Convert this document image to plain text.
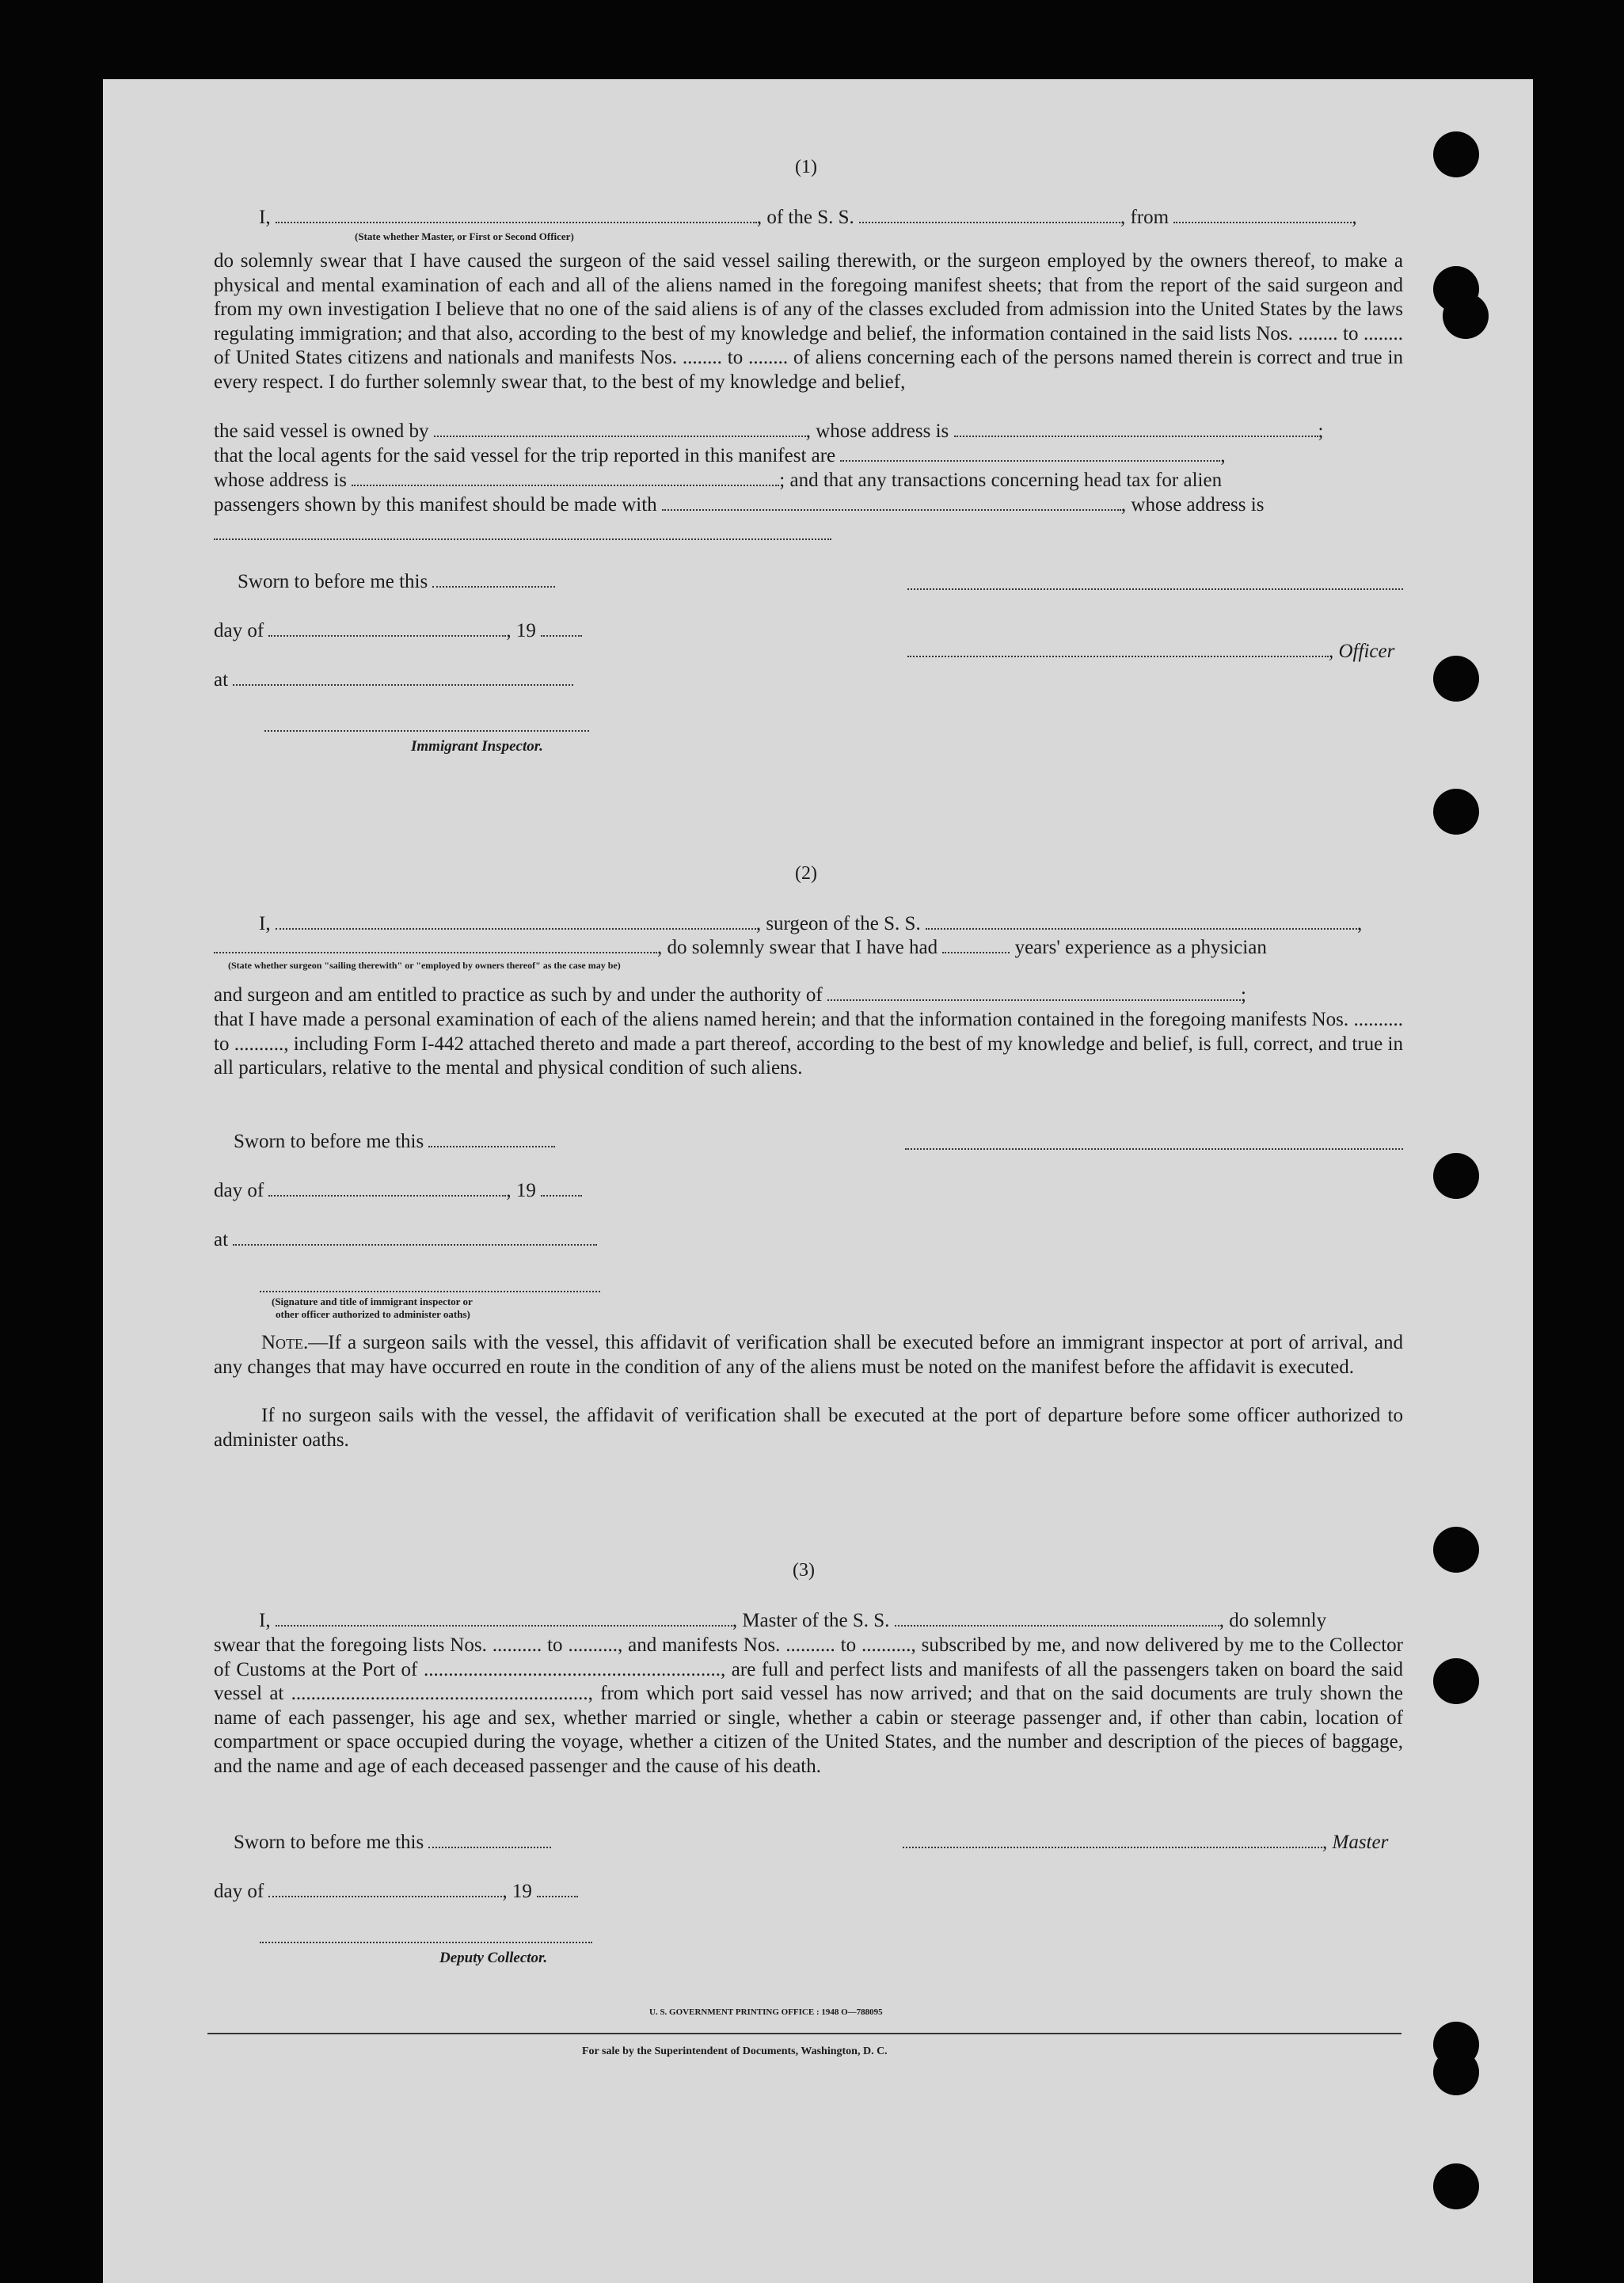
(1)
I,	, of the S. S.	, from	,
(State whether Master, or First or Second Officer)
do solemnly swear that I have caused the surgeon of the said vessel sailing therewith, or the surgeon employed by the owners thereof, to make a physical and mental examination of each and all of the aliens named in the foregoing manifest sheets; that from the report of the said surgeon and from my own investigation I believe that no one of the said aliens is of any of the classes excluded from admission into the United States by the laws regulating immigration; and that also, according to the best of my knowledge and belief, the information contained in the said lists Nos. ........ to ........ of United States citizens and nationals and manifests Nos. ........ to ........ of aliens concerning each of the persons named therein is correct and true in every respect. I do further solemnly swear that, to the best of my knowledge and belief,
the said vessel is owned by	, whose address is	;
that the local agents for the said vessel for the trip reported in this manifest are	,
whose address is	; and that any transactions concerning head tax for alien
passengers shown by this manifest should be made with	, whose address is
Sworn to before me this
day of	, 19
, Officer
at
Immigrant Inspector.
(2)
I,	, surgeon of the S. S.	,
, do solemnly swear that I have had	years' experience as a physician
(State whether surgeon "sailing therewith" or "employed by owners thereof" as the case may be)
and surgeon and am entitled to practice as such by and under the authority of	;
that I have made a personal examination of each of the aliens named herein; and that the information contained in the foregoing manifests Nos. .......... to .........., including Form I-442 attached thereto and made a part thereof, according to the best of my knowledge and belief, is full, correct, and true in all particulars, relative to the mental and physical condition of such aliens.
Sworn to before me this
day of	, 19
at
(Signature and title of immigrant inspector or
other officer authorized to administer oaths)
Note.—If a surgeon sails with the vessel, this affidavit of verification shall be executed before an immigrant inspector at port of arrival, and any changes that may have occurred en route in the condition of any of the aliens must be noted on the manifest before the affidavit is executed.
If no surgeon sails with the vessel, the affidavit of verification shall be executed at the port of departure before some officer authorized to administer oaths.
(3)
I,	, Master of the S. S.	, do solemnly
swear that the foregoing lists Nos. .......... to .........., and manifests Nos. .......... to .........., subscribed by me, and now delivered by me to the Collector of Customs at the Port of ............................................................, are full and perfect lists and manifests of all the passengers taken on board the said vessel at ............................................................, from which port said vessel has now arrived; and that on the said documents are truly shown the name of each passenger, his age and sex, whether married or single, whether a cabin or steerage passenger and, if other than cabin, location of compartment or space occupied during the voyage, whether a citizen of the United States, and the number and description of the pieces of baggage, and the name and age of each deceased passenger and the cause of his death.
Sworn to before me this	, Master
day of	, 19
Deputy Collector.
U. S. GOVERNMENT PRINTING OFFICE : 1948 O—788095
For sale by the Superintendent of Documents, Washington, D. C.
